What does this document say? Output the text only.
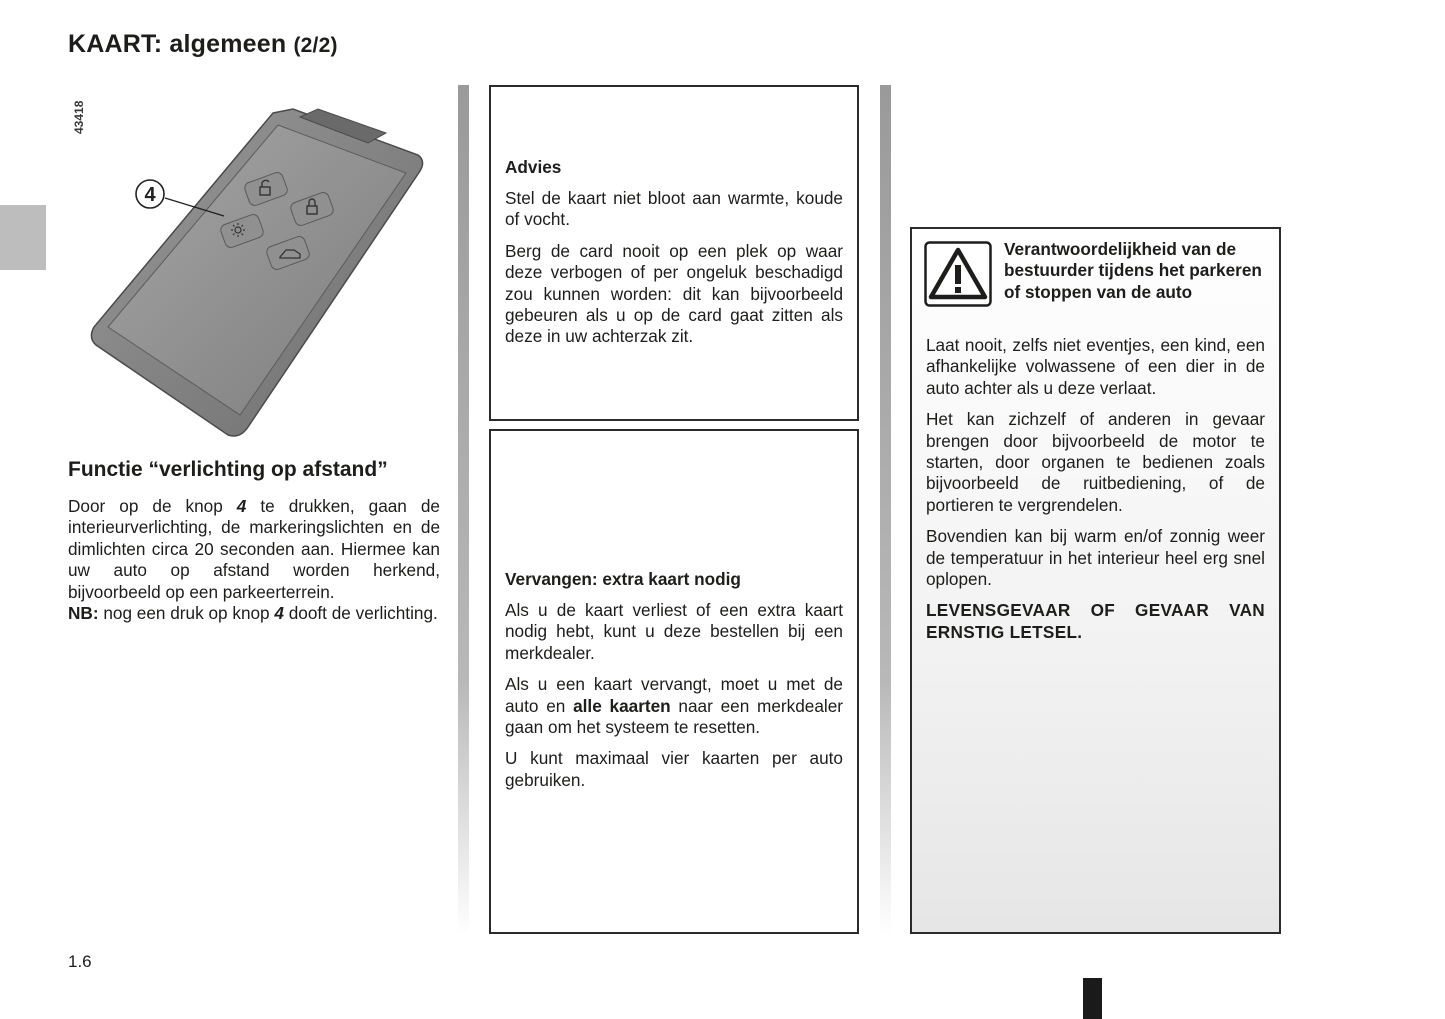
KAART: algemeen (2/2)
43418
4
Functie “verlichting op afstand”

Door op de knop 4 te drukken, gaan de interieurverlichting, de markeringslichten en de dimlichten circa 20 seconden aan. Hiermee kan uw auto op afstand worden herkend, bijvoorbeeld op een parkeerterrein.
NB: nog een druk op knop 4 dooft de verlichting.

1.6

Advies

Stel de kaart niet bloot aan warmte, koude of vocht.

Berg de card nooit op een plek op waar deze verbogen of per ongeluk beschadigd zou kunnen worden: dit kan bijvoorbeeld gebeuren als u op de card gaat zitten als deze in uw achterzak zit.

Vervangen: extra kaart nodig

Als u de kaart verliest of een extra kaart nodig hebt, kunt u deze bestellen bij een merkdealer.

Als u een kaart vervangt, moet u met de auto en alle kaarten naar een merkdealer gaan om het systeem te resetten.

U kunt maximaal vier kaarten per auto gebruiken.

Verantwoordelijkheid van de bestuurder tijdens het parkeren of stoppen van de auto

Laat nooit, zelfs niet eventjes, een kind, een afhankelijke volwassene of een dier in de auto achter als u deze verlaat.

Het kan zichzelf of anderen in gevaar brengen door bijvoorbeeld de motor te starten, door organen te bedienen zoals bijvoorbeeld de ruitbediening, of de portieren te vergrendelen.

Bovendien kan bij warm en/of zonnig weer de temperatuur in het interieur heel erg snel oplopen.

LEVENSGEVAAR OF GEVAAR VAN ERNSTIG LETSEL.
